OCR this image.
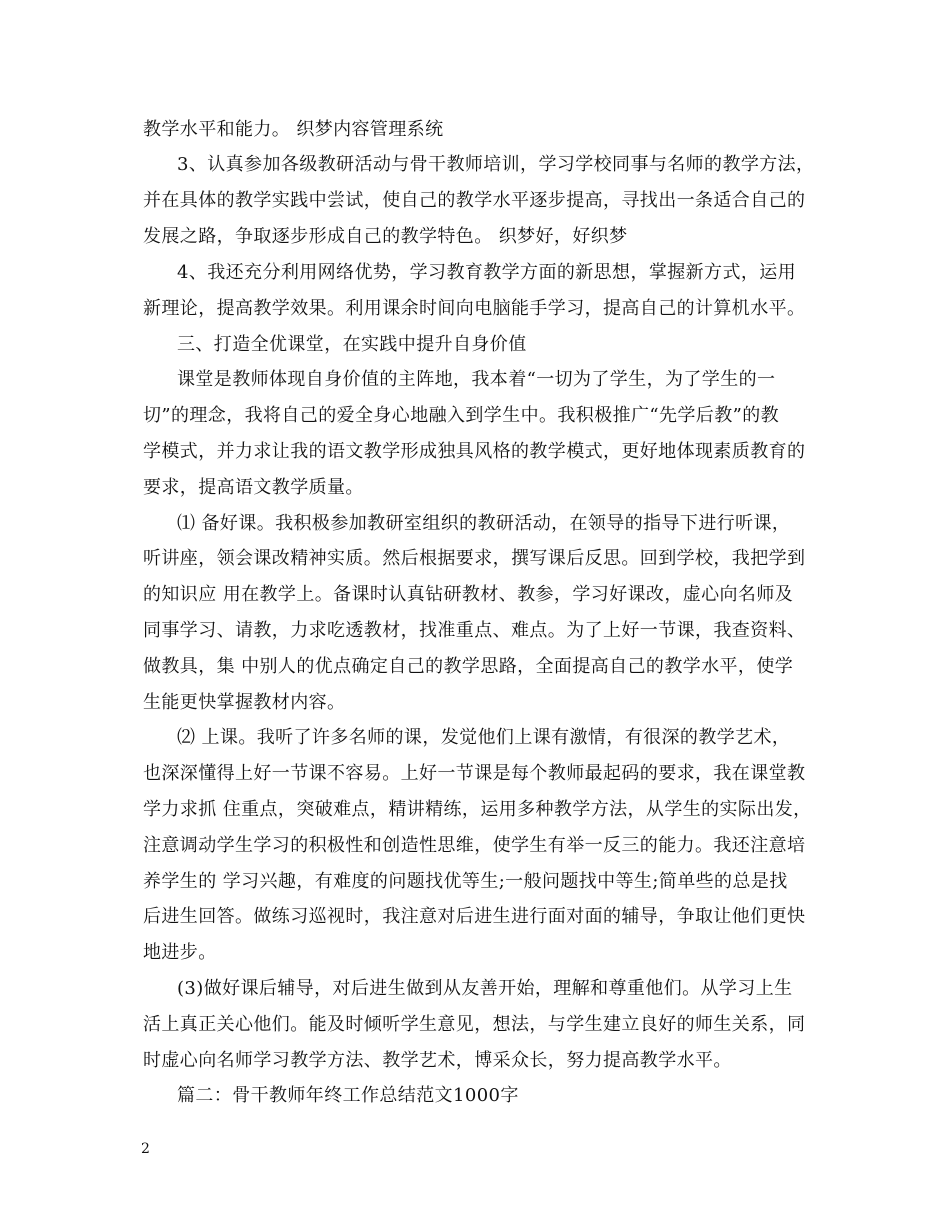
教学水平和能力。 织梦内容管理系统
3、认真参加各级教研活动与骨干教师培训，学习学校同事与名师的教学方法，
并在具体的教学实践中尝试，使自己的教学水平逐步提高，寻找出一条适合自己的
发展之路，争取逐步形成自己的教学特色。 织梦好，好织梦
4、我还充分利用网络优势，学习教育教学方面的新思想，掌握新方式，运用
新理论，提高教学效果。利用课余时间向电脑能手学习，提高自己的计算机水平。
三、打造全优课堂，在实践中提升自身价值
课堂是教师体现自身价值的主阵地，我本着“一切为了学生，为了学生的一
切”的理念，我将自己的爱全身心地融入到学生中。我积极推广“先学后教”的教
学模式，并力求让我的语文教学形成独具风格的教学模式，更好地体现素质教育的
要求，提高语文教学质量。
⑴ 备好课。我积极参加教研室组织的教研活动，在领导的指导下进行听课，
听讲座，领会课改精神实质。然后根据要求，撰写课后反思。回到学校，我把学到
的知识应 用在教学上。备课时认真钻研教材、教参，学习好课改，虚心向名师及
同事学习、请教，力求吃透教材，找准重点、难点。为了上好一节课，我查资料、
做教具，集 中别人的优点确定自己的教学思路，全面提高自己的教学水平，使学
生能更快掌握教材内容。
⑵ 上课。我听了许多名师的课，发觉他们上课有激情，有很深的教学艺术，
也深深懂得上好一节课不容易。上好一节课是每个教师最起码的要求，我在课堂教
学力求抓 住重点，突破难点，精讲精练，运用多种教学方法，从学生的实际出发，
注意调动学生学习的积极性和创造性思维，使学生有举一反三的能力。我还注意培
养学生的 学习兴趣，有难度的问题找优等生;一般问题找中等生;简单些的总是找
后进生回答。做练习巡视时，我注意对后进生进行面对面的辅导，争取让他们更快
地进步。
(3)做好课后辅导，对后进生做到从友善开始，理解和尊重他们。从学习上生
活上真正关心他们。能及时倾听学生意见，想法，与学生建立良好的师生关系，同
时虚心向名师学习教学方法、教学艺术，博采众长，努力提高教学水平。
篇二：骨干教师年终工作总结范文1000字
2
